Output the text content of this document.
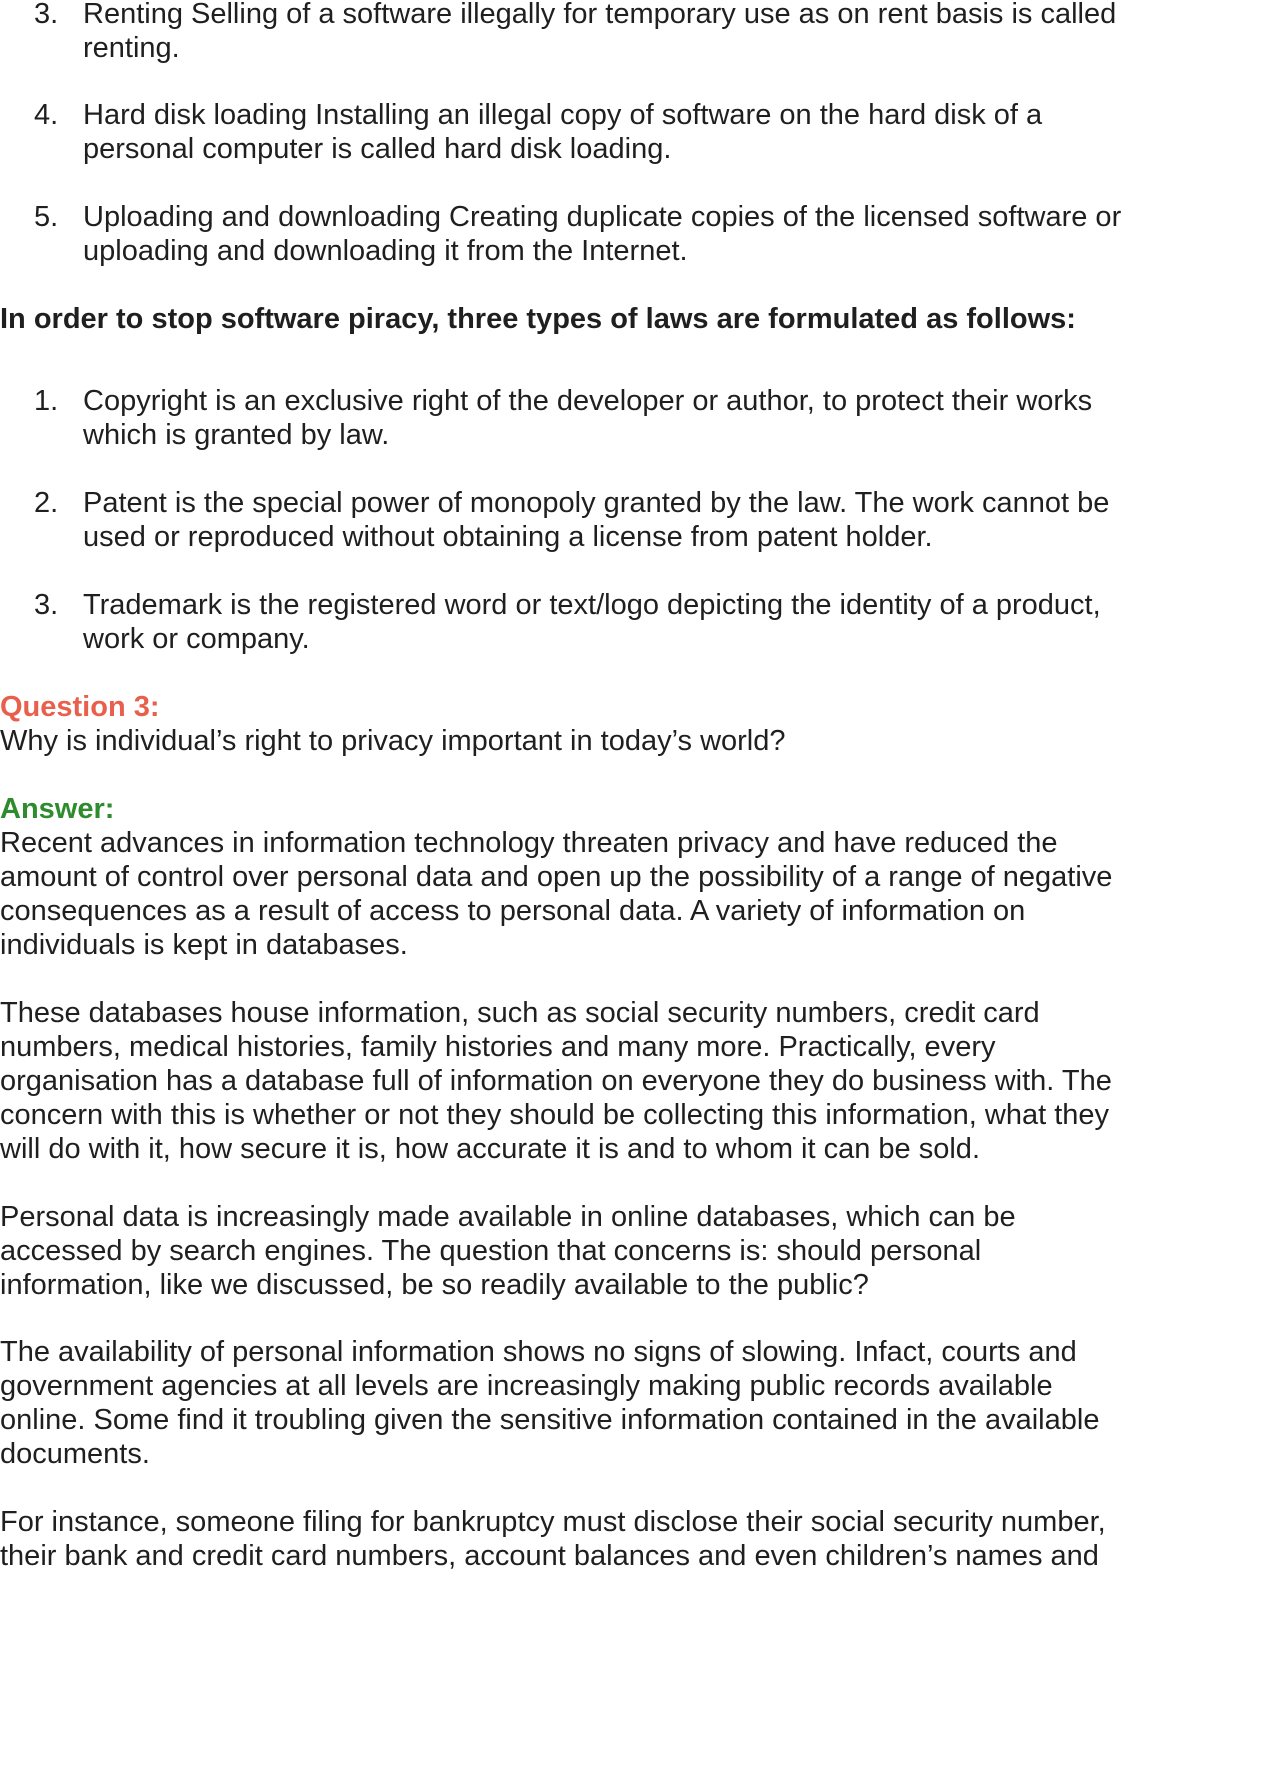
3. Renting Selling of a software illegally for temporary use as on rent basis is called
renting.
4. Hard disk loading Installing an illegal copy of software on the hard disk of a
personal computer is called hard disk loading.
5. Uploading and downloading Creating duplicate copies of the licensed software or
uploading and downloading it from the Internet.
In order to stop software piracy, three types of laws are formulated as follows:
1. Copyright is an exclusive right of the developer or author, to protect their works
which is granted by law.
2. Patent is the special power of monopoly granted by the law. The work cannot be
used or reproduced without obtaining a license from patent holder.
3. Trademark is the registered word or text/logo depicting the identity of a product,
work or company.
Question 3:
Why is individual’s right to privacy important in today’s world?
Answer:
Recent advances in information technology threaten privacy and have reduced the
amount of control over personal data and open up the possibility of a range of negative
consequences as a result of access to personal data. A variety of information on
individuals is kept in databases.
These databases house information, such as social security numbers, credit card
numbers, medical histories, family histories and many more. Practically, every
organisation has a database full of information on everyone they do business with. The
concern with this is whether or not they should be collecting this information, what they
will do with it, how secure it is, how accurate it is and to whom it can be sold.
Personal data is increasingly made available in online databases, which can be
accessed by search engines. The question that concerns is: should personal
information, like we discussed, be so readily available to the public?
The availability of personal information shows no signs of slowing. Infact, courts and
government agencies at all levels are increasingly making public records available
online. Some find it troubling given the sensitive information contained in the available
documents.
For instance, someone filing for bankruptcy must disclose their social security number,
their bank and credit card numbers, account balances and even children’s names and
